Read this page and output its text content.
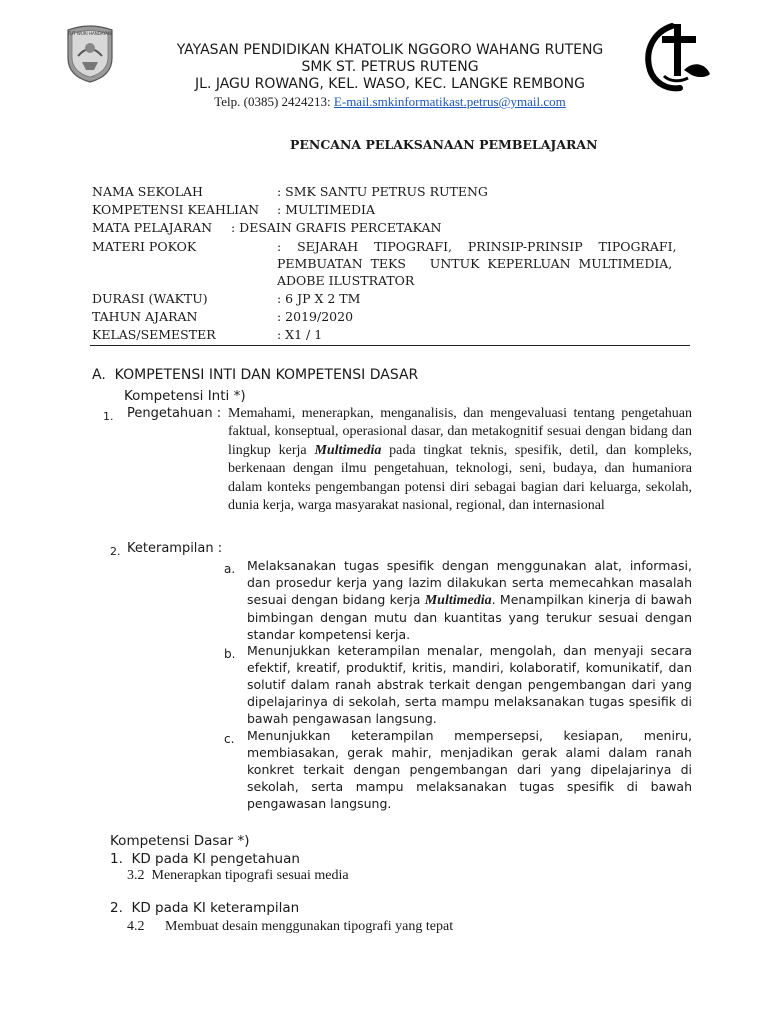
TUT WURI HANDAYANI
YAYASAN PENDIDIKAN KHATOLIK NGGORO WAHANG RUTENG
SMK ST. PETRUS RUTENG
JL. JAGU ROWANG, KEL. WASO, KEC. LANGKE REMBONG
Telp. (0385) 2424213: E-mail.smkinformatikast.petrus@ymail.com
PENCANA PELAKSANAAN PEMBELAJARAN
NAMA SEKOLAH	: SMK SANTU PETRUS RUTENG
KOMPETENSI KEAHLIAN : MULTIMEDIA
MATA PELAJARAN : DESAIN GRAFIS PERCETAKAN
MATERI POKOK	:    SEJARAH    TIPOGRAFI,    PRINSIP-PRINSIP    TIPOGRAFI,
PEMBUATAN  TEKS      UNTUK  KEPERLUAN  MULTIMEDIA,
ADOBE ILUSTRATOR
DURASI (WAKTU)	: 6 JP X 2 TM
TAHUN AJARAN	: 2019/2020
KELAS/SEMESTER	: X1 / 1
A.  KOMPETENSI INTI DAN KOMPETENSI DASAR
Kompetensi Inti *)
1. Pengetahuan : Memahami, menerapkan, menganalisis, dan mengevaluasi tentang pengetahuan faktual, konseptual, operasional dasar, dan metakognitif sesuai dengan bidang dan lingkup kerja Multimedia pada tingkat teknis, spesifik, detil, dan kompleks, berkenaan dengan ilmu pengetahuan, teknologi, seni, budaya, dan humaniora dalam konteks pengembangan potensi diri sebagai bagian dari keluarga, sekolah, dunia kerja, warga masyarakat nasional, regional, dan internasional
2. Keterampilan :
a. Melaksanakan tugas spesifik dengan menggunakan alat, informasi, dan prosedur kerja yang lazim dilakukan serta memecahkan masalah sesuai dengan bidang kerja Multimedia. Menampilkan kinerja di bawah bimbingan dengan mutu dan kuantitas yang terukur sesuai dengan standar kompetensi kerja.
b. Menunjukkan keterampilan menalar, mengolah, dan menyaji secara efektif, kreatif, produktif, kritis, mandiri, kolaboratif, komunikatif, dan solutif dalam ranah abstrak terkait dengan pengembangan dari yang dipelajarinya di sekolah, serta mampu melaksanakan tugas spesifik di bawah pengawasan langsung.
c. Menunjukkan keterampilan mempersepsi, kesiapan, meniru, membiasakan, gerak mahir, menjadikan gerak alami dalam ranah konkret terkait dengan pengembangan dari yang dipelajarinya di sekolah, serta mampu melaksanakan tugas spesifik di bawah pengawasan langsung.
Kompetensi Dasar *)
1.  KD pada KI pengetahuan
3.2  Menerapkan tipografi sesuai media
2.  KD pada KI keterampilan
4.2 Membuat desain menggunakan tipografi yang tepat
